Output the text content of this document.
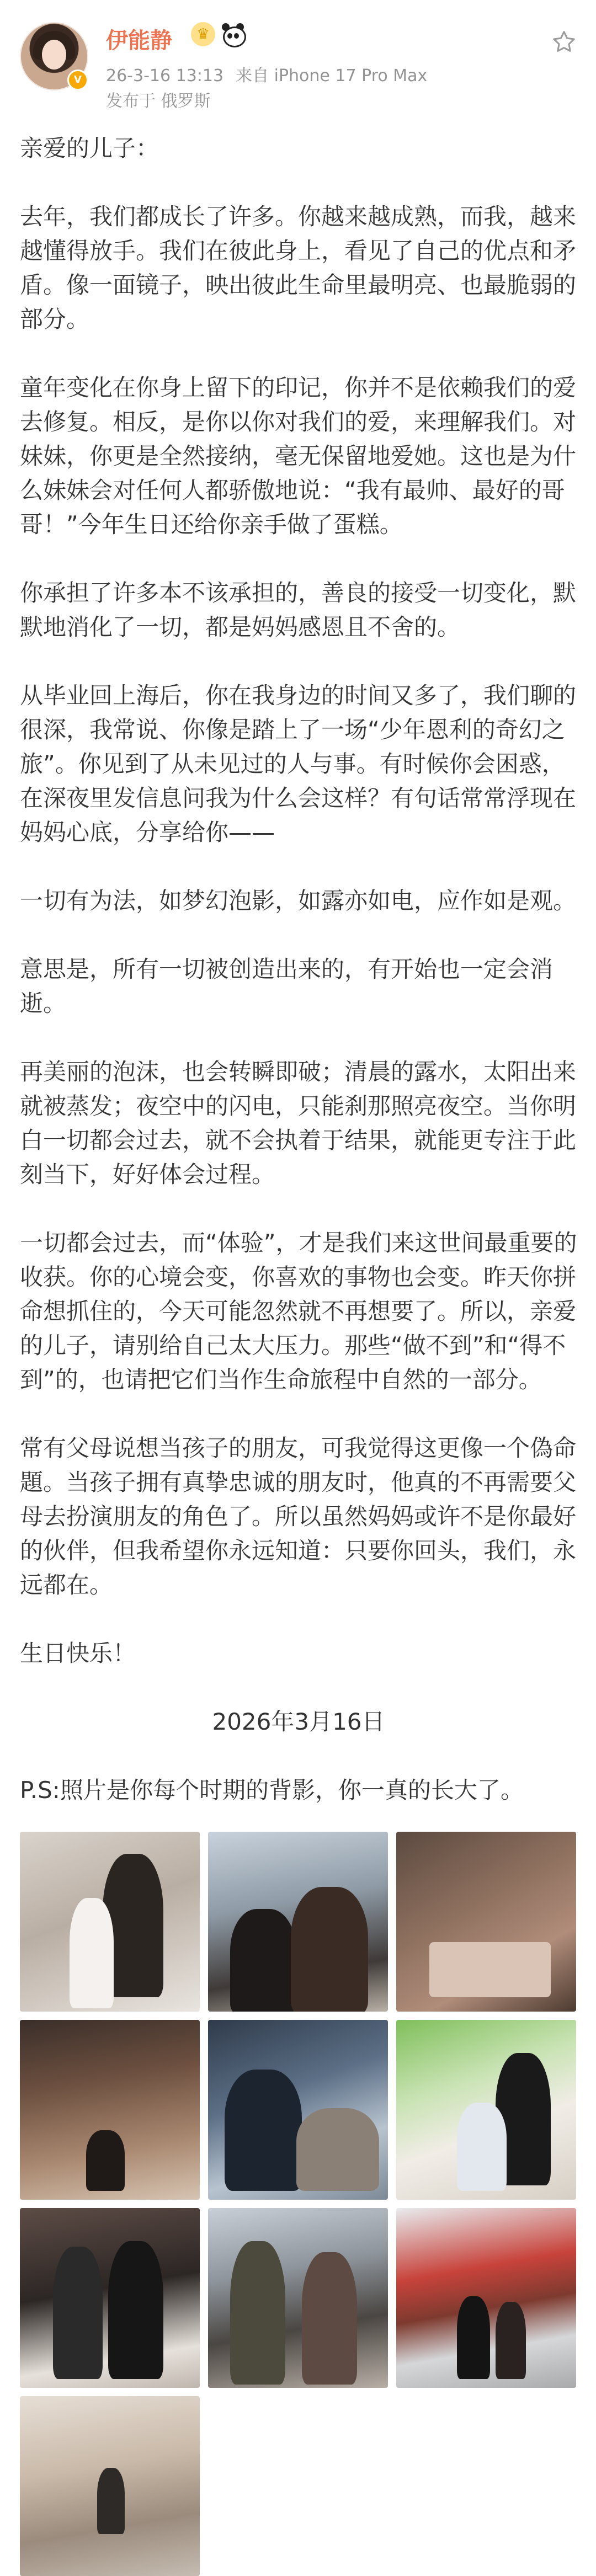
V
伊能静	♛
26-3-16 13:13 来自 iPhone 17 Pro Max
发布于 俄罗斯

亲爱的儿子：

去年，我们都成长了许多。你越来越成熟，而我，越来越懂得放手。我们在彼此身上，看见了自己的优点和矛盾。像一面镜子，映出彼此生命里最明亮、也最脆弱的部分。

童年变化在你身上留下的印记，你并不是依赖我们的爱去修复。相反，是你以你对我们的爱，来理解我们。对妹妹，你更是全然接纳，毫无保留地爱她。这也是为什么妹妹会对任何人都骄傲地说：“我有最帅、最好的哥哥！”今年生日还给你亲手做了蛋糕。

你承担了许多本不该承担的，善良的接受一切变化，默默地消化了一切，都是妈妈感恩且不舍的。

从毕业回上海后，你在我身边的时间又多了，我们聊的很深，我常说、你像是踏上了一场“少年恩利的奇幻之旅”。你见到了从未见过的人与事。有时候你会困惑，在深夜里发信息问我为什么会这样？有句话常常浮现在妈妈心底，分享给你——

一切有为法，如梦幻泡影，如露亦如电，应作如是观。

意思是，所有一切被创造出来的，有开始也一定会消逝。

再美丽的泡沫，也会转瞬即破；清晨的露水，太阳出来就被蒸发；夜空中的闪电，只能刹那照亮夜空。当你明白一切都会过去，就不会执着于结果，就能更专注于此刻当下，好好体会过程。

一切都会过去，而“体验”，才是我们来这世间最重要的收获。你的心境会变，你喜欢的事物也会变。昨天你拼命想抓住的，今天可能忽然就不再想要了。所以，亲爱的儿子，请别给自己太大压力。那些“做不到”和“得不到”的，也请把它们当作生命旅程中自然的一部分。

常有父母说想当孩子的朋友，可我觉得这更像一个偽命題。当孩子拥有真挚忠诚的朋友时，他真的不再需要父母去扮演朋友的角色了。所以虽然妈妈或许不是你最好的伙伴，但我希望你永远知道：只要你回头，我们，永远都在。

生日快乐！

2026年3月16日

P.S:照片是你每个时期的背影，你一真的长大了。
